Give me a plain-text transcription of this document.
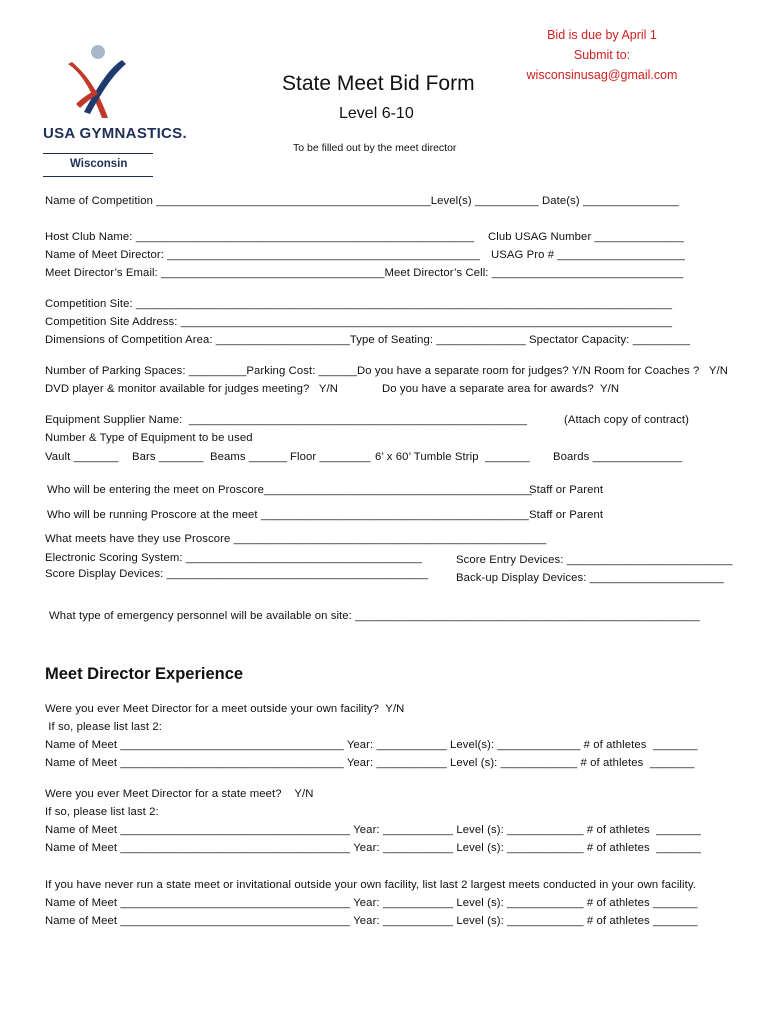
USA GYMNASTICS.
Wisconsin
State Meet Bid Form
Level 6-10
To be filled out by the meet director
Bid is due by April 1
Submit to:
wisconsinusag@gmail.com
Name of Competition ___________________________________________Level(s) __________ Date(s) _______________
Host Club Name: _____________________________________________________ Club USAG Number ______________
Name of Meet Director: _________________________________________________ USAG Pro # ____________________
Meet Director’s Email: ___________________________________Meet Director’s Cell: ______________________________
Competition Site: ____________________________________________________________________________________
Competition Site Address: _____________________________________________________________________________
Dimensions of Competition Area: _____________________Type of Seating: ______________ Spectator Capacity: _________
Number of Parking Spaces: _________Parking Cost: ______Do you have a separate room for judges? Y/N Room for Coaches ?   Y/N
DVD player & monitor available for judges meeting?   Y/N	Do you have a separate area for awards?  Y/N
Equipment Supplier Name:  _____________________________________________________	(Attach copy of contract)
Number & Type of Equipment to be used
Vault _______ Bars _______ Beams ______ Floor ________ 6’ x 60’ Tumble Strip  _______ Boards ______________
Who will be entering the meet on Proscore__________________________________________
Staff or Parent
Who will be running Proscore at the meet __________________________________________ Staff or Parent
What meets have they use Proscore _________________________________________________
Electronic Scoring System: _____________________________________	Score Entry Devices: __________________________
Score Display Devices: _________________________________________ Back-up Display Devices: _____________________
What type of emergency personnel will be available on site: ______________________________________________________
Meet Director Experience
Were you ever Meet Director for a meet outside your own facility?  Y/N
If so, please list last 2:
Name of Meet ___________________________________ Year: ___________ Level(s): _____________ # of athletes  _______
Name of Meet ___________________________________ Year: ___________ Level (s): ____________ # of athletes  _______
Were you ever Meet Director for a state meet?    Y/N
If so, please list last 2:
Name of Meet ____________________________________ Year: ___________ Level (s): ____________ # of athletes  _______
Name of Meet ____________________________________ Year: ___________ Level (s): ____________ # of athletes  _______
If you have never run a state meet or invitational outside your own facility, list last 2 largest meets conducted in your own facility.
Name of Meet ____________________________________ Year: ___________ Level (s): ____________ # of athletes _______
Name of Meet ____________________________________ Year: ___________ Level (s): ____________ # of athletes _______
